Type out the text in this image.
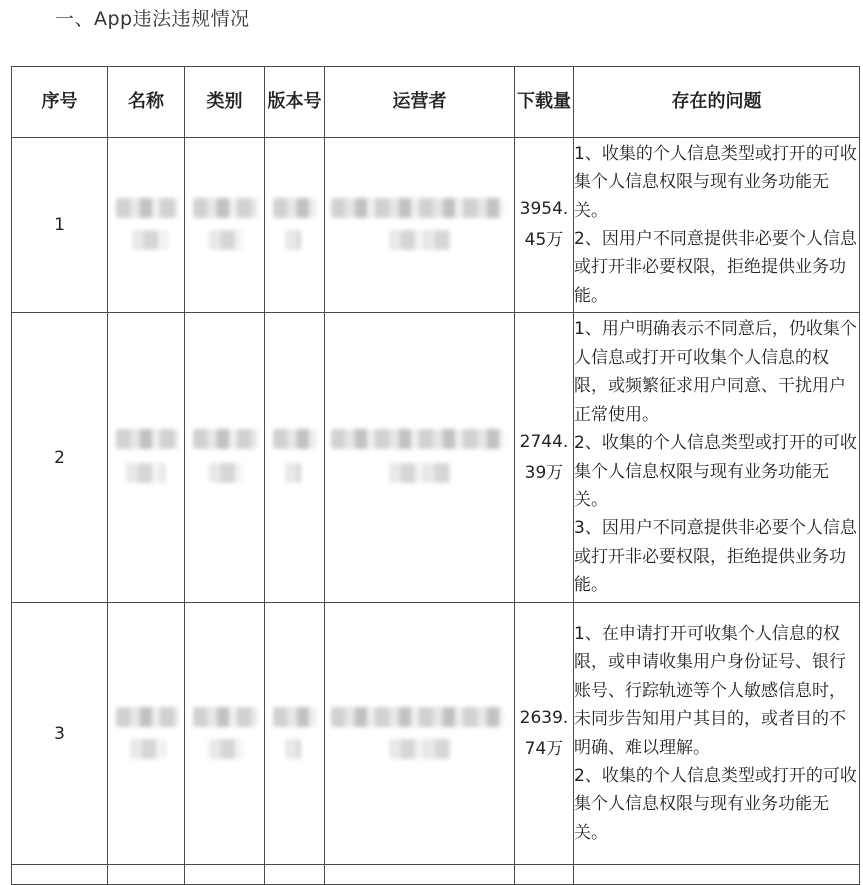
一、App违法违规情况
序号	名称	类别	版本号	运营者	下载量	存在的问题
1					3954.45万	1、收集的个人信息类型或打开的可收集个人信息权限与现有业务功能无关。
2、因用户不同意提供非必要个人信息或打开非必要权限，拒绝提供业务功能。

2					2744.39万	1、用户明确表示不同意后，仍收集个人信息或打开可收集个人信息的权限，或频繁征求用户同意、干扰用户正常使用。
2、收集的个人信息类型或打开的可收集个人信息权限与现有业务功能无关。
3、因用户不同意提供非必要个人信息或打开非必要权限，拒绝提供业务功能。

3					2639.74万	1、在申请打开可收集个人信息的权限，或申请收集用户身份证号、银行账号、行踪轨迹等个人敏感信息时，未同步告知用户其目的，或者目的不明确、难以理解。
2、收集的个人信息类型或打开的可收集个人信息权限与现有业务功能无关。
